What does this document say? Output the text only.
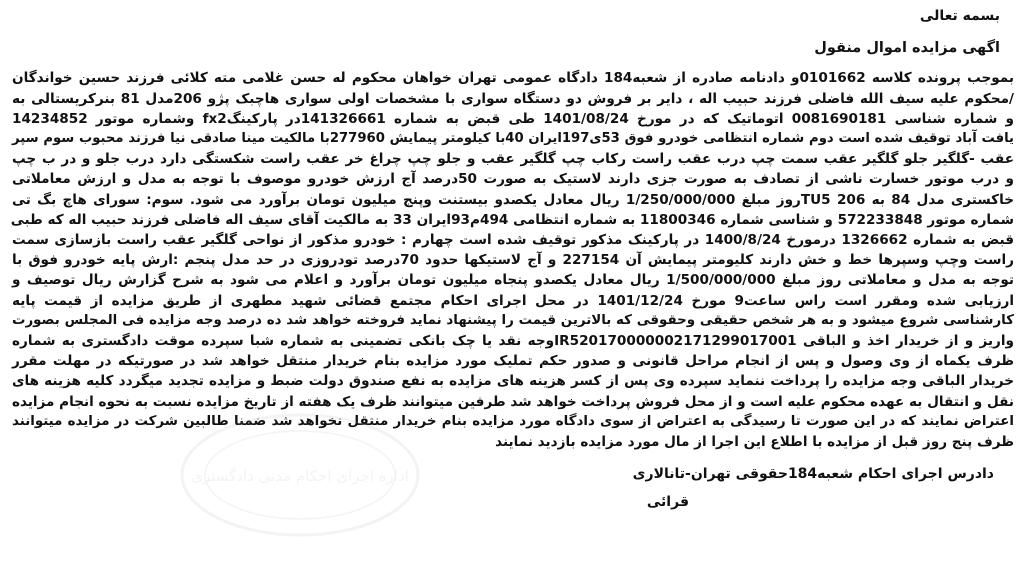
بسمه تعالی
اگهی مزایده اموال منقول
بموجب پرونده کلاسه 0101662و دادنامه صادره از شعبه184 دادگاه عمومی تهران خواهان محکوم له حسن غلامی مته کلائی فرزند حسین خواندگان
/محکوم علیه سیف الله فاضلی فرزند حبیب اله ، دایر بر فروش دو دستگاه سواری با مشخصات اولی سواری هاچبک پژو 206مدل 81 بنرکریستالی به
و شماره شناسی 0081690181 اتوماتیک که در مورخ 1401/08/24 طی قبض به شماره 141326661در پارکینگfx2 وشماره موتور 14234852
یافت آباد توقیف شده است دوم شماره انتظامی خودرو فوق 53ی197ایران 40با کیلومتر پیمایش 277960با مالکیت مینا صادقی نیا فرزند محبوب سوم سپر
عقب -گلگیر جلو گلگیر عقب سمت چپ درب عقب راست رکاب چپ گلگیر عقب و جلو چپ چراغ خر عقب راست شکستگی دارد درب جلو و در ب چپ
و درب موتور خسارت ناشی از تصادف به صورت جزی دارند لاستیک به صورت 50درصد آج ارزش خودرو موصوف با توجه به مدل و ارزش معاملاتی
خاکستری مدل 84 به 206 TU5روز مبلغ 1/250/000/000 ریال معادل یکصدو بیستنت وپنج میلیون تومان برآورد می شود. سوم: سوراى هاچ بگ تی
شماره موتور 572233848 و شناسی شماره 11800346 به شماره انتظامی 494م93ایران 33 به مالکیت آقای سیف اله فاضلی فرزند حبیب اله که طبی
قبض به شماره 1326662 درمورخ 1400/8/24 در پارکینک مذکور توقیف شده است چهارم : خودرو مذکور از نواحی گلگیر عقب راست بازسازی سمت
راست وچپ وسپرها خط و خش دارند کلیومتر پیمایش آن 227154 و آج لاستیکها حدود 70درصد تودروزی در حد مدل پنجم :ارش پایه خودرو فوق با
توجه به مدل و معاملاتی روز مبلغ 1/500/000/000 ریال معادل یکصدو پنجاه میلیون تومان برآورد و اعلام می شود به شرح گزارش ریال توصیف و
ارزیابی شده ومقرر است راس ساعت9 مورخ 1401/12/24 در محل اجرای احکام مجتمع قضائی شهید مطهری از طریق مزایده از قیمت پایه
کارشناسی شروع میشود و به هر شخص حقیقی وحقوقی که بالاترین قیمت را پیشنهاد نماید فروخته خواهد شد ده درصد وجه مزایده فی المجلس بصورت
واریز و از خریدار اخذ و الباقی IR520170000002171299017001وجه نقد یا چک بانکی تضمینی به شماره شبا سپرده موقت دادگستری به شماره
ظرف یکماه از وی وصول و پس از انجام مراحل قانونی و صدور حکم تملیک مورد مزایده بنام خریدار منتقل خواهد شد در صورتیکه در مهلت مقرر
خریدار الباقی وجه مزایده را پرداخت ننماید سپرده وی پس از کسر هزینه های مزایده به نفع صندوق دولت ضبط و مزایده تجدید میگردد کلیه هزینه های
نقل و انتقال به عهده محکوم علیه است و از محل فروش پرداخت خواهد شد طرفین میتوانند ظرف یک هفته از تاریخ مزایده نسبت به نحوه انجام مزایده
اعتراض نمایند که در این صورت تا رسیدگی به اعتراض از سوی دادگاه مورد مزایده بنام خریدار منتقل نخواهد شد ضمنا طالبین شرکت در مزایده میتوانند
ظرف پنج روز قبل از مزایده با اطلاع این اجرا از مال مورد مزایده بازدید نمایند
دادرس اجرای احکام شعبه184حقوقی تهران-تانالاری
قرائی
اداره اجرای احکام مدنی دادگستری
